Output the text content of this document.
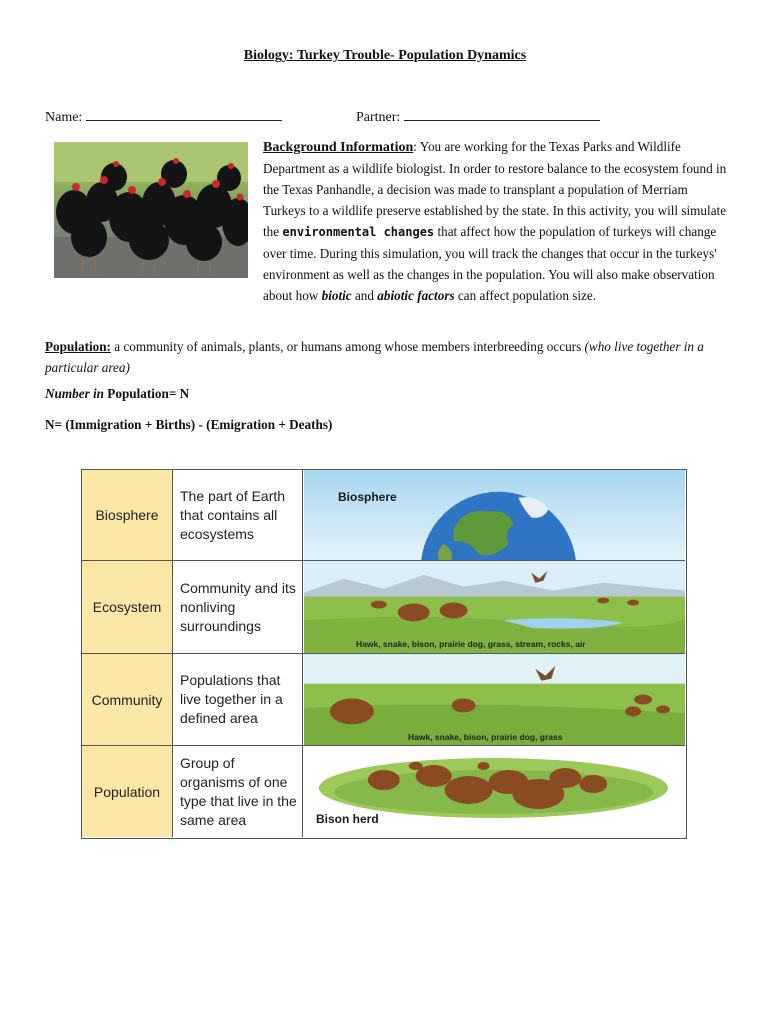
Biology: Turkey Trouble- Population Dynamics
Name:	Partner:
Background Information: You are working for the Texas Parks and Wildlife Department as a wildlife biologist. In order to restore balance to the ecosystem found in the Texas Panhandle, a decision was made to transplant a population of Merriam Turkeys to a wildlife preserve established by the state. In this activity, you will simulate the environmental changes that affect how the population of turkeys will change over time. During this simulation, you will track the changes that occur in the turkeys' environment as well as the changes in the population. You will also make observation about how biotic and abiotic factors can affect population size.
Population: a community of animals, plants, or humans among whose members interbreeding occurs (who live together in a particular area)
Number in Population= N
N= (Immigration + Births) - (Emigration + Deaths)
Biosphere
The part of Earth that contains all ecosystems
Biosphere
Ecosystem
Community and its nonliving surroundings
Hawk, snake, bison, prairie dog, grass, stream, rocks, air
Community
Populations that live together in a defined area
Hawk, snake, bison, prairie dog, grass
Population
Group of organisms of one type that live in the same area	Bison herd
